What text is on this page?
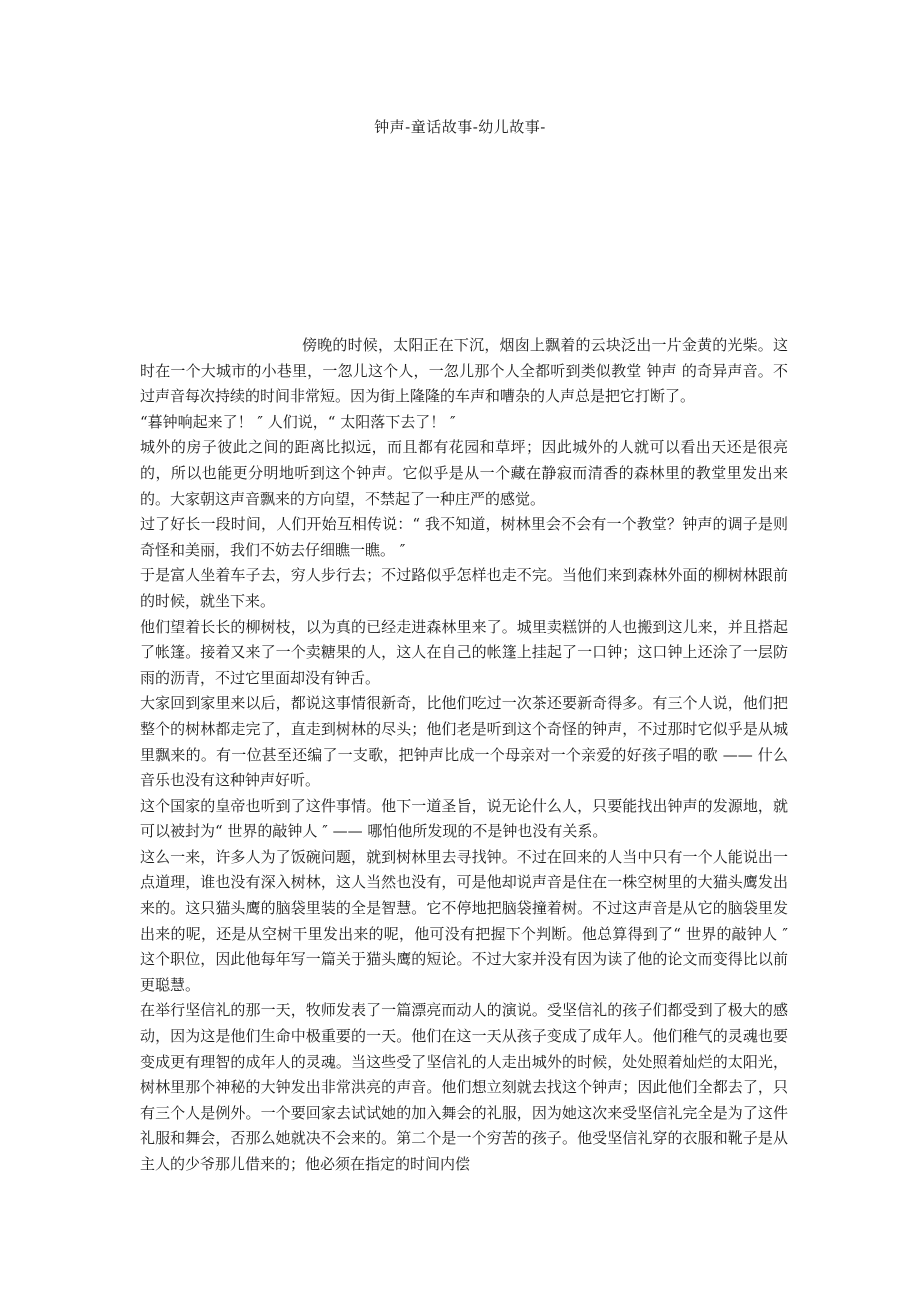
钟声-童话故事-幼儿故事-

傍晚的时候，太阳正在下沉，烟囱上飘着的云块泛出一片金黄的光柴。这时在一个大城市的小巷里，一忽儿这个人，一忽儿那个人全都听到类似教堂 钟声 的奇异声音。不过声音每次持续的时间非常短。因为街上隆隆的车声和嘈杂的人声总是把它打断了。

“暮钟响起来了！ ″ 人们说，“ 太阳落下去了！ ″

城外的房子彼此之间的距离比拟远，而且都有花园和草坪；因此城外的人就可以看出天还是很亮的，所以也能更分明地听到这个钟声。它似乎是从一个藏在静寂而清香的森林里的教堂里发出来的。大家朝这声音飘来的方向望，不禁起了一种庄严的感觉。

过了好长一段时间，人们开始互相传说：“ 我不知道，树林里会不会有一个教堂？钟声的调子是则奇怪和美丽，我们不妨去仔细瞧一瞧。 ″

于是富人坐着车子去，穷人步行去；不过路似乎怎样也走不完。当他们来到森林外面的柳树林跟前的时候，就坐下来。

他们望着长长的柳树枝，以为真的已经走进森林里来了。城里卖糕饼的人也搬到这儿来，并且搭起了帐篷。接着又来了一个卖糖果的人，这人在自己的帐篷上挂起了一口钟；这口钟上还涂了一层防雨的沥青，不过它里面却没有钟舌。

大家回到家里来以后，都说这事情很新奇，比他们吃过一次茶还要新奇得多。有三个人说，他们把整个的树林都走完了，直走到树林的尽头；他们老是听到这个奇怪的钟声，不过那时它似乎是从城里飘来的。有一位甚至还编了一支歌，把钟声比成一个母亲对一个亲爱的好孩子唱的歌 —— 什么音乐也没有这种钟声好听。

这个国家的皇帝也听到了这件事情。他下一道圣旨，说无论什么人，只要能找出钟声的发源地，就可以被封为“ 世界的敲钟人 ″ —— 哪怕他所发现的不是钟也没有关系。

这么一来，许多人为了饭碗问题，就到树林里去寻找钟。不过在回来的人当中只有一个人能说出一点道理，谁也没有深入树林，这人当然也没有，可是他却说声音是住在一株空树里的大猫头鹰发出来的。这只猫头鹰的脑袋里装的全是智慧。它不停地把脑袋撞着树。不过这声音是从它的脑袋里发出来的呢，还是从空树干里发出来的呢，他可没有把握下个判断。他总算得到了“ 世界的敲钟人 ″ 这个职位，因此他每年写一篇关于猫头鹰的短论。不过大家并没有因为读了他的论文而变得比以前更聪慧。

在举行坚信礼的那一天，牧师发表了一篇漂亮而动人的演说。受坚信礼的孩子们都受到了极大的感动，因为这是他们生命中极重要的一天。他们在这一天从孩子变成了成年人。他们稚气的灵魂也要变成更有理智的成年人的灵魂。当这些受了坚信礼的人走出城外的时候，处处照着灿烂的太阳光，树林里那个神秘的大钟发出非常洪亮的声音。他们想立刻就去找这个钟声；因此他们全都去了，只有三个人是例外。一个要回家去试试她的加入舞会的礼服，因为她这次来受坚信礼完全是为了这件礼服和舞会，否那么她就决不会来的。第二个是一个穷苦的孩子。他受坚信礼穿的衣服和靴子是从主人的少爷那儿借来的；他必须在指定的时间内偿
